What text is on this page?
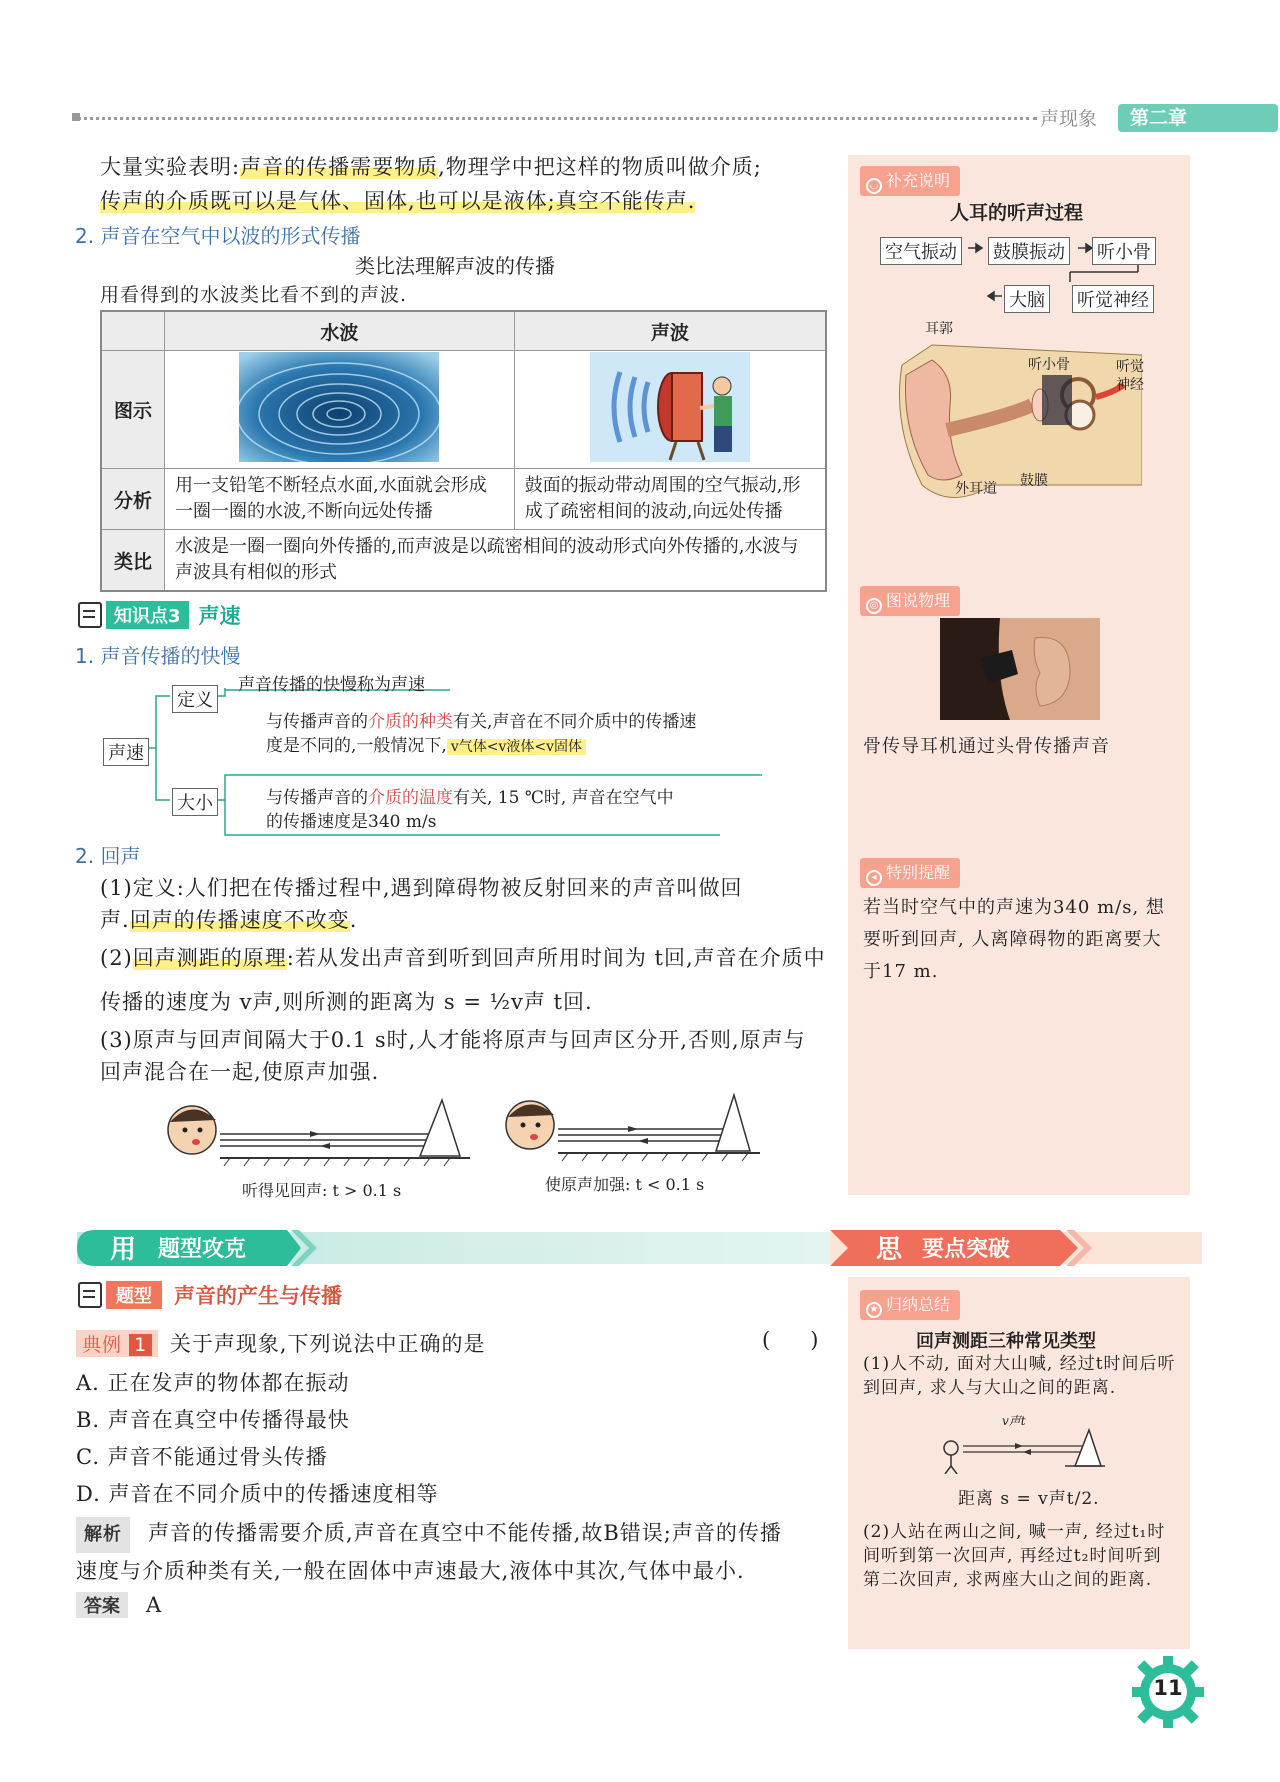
声现象	第二章
大量实验表明:声音的传播需要物质,物理学中把这样的物质叫做介质;
传声的介质既可以是气体、固体,也可以是液体;真空不能传声.
2. 声音在空气中以波的形式传播
类比法理解声波的传播
用看得到的水波类比看不到的声波.
	水波	声波
图示		
分析	用一支铅笔不断轻点水面,水面就会形成一圈一圈的水波,不断向远处传播	鼓面的振动带动周围的空气振动,形成了疏密相间的波动,向远处传播
类比	水波是一圈一圈向外传播的,而声波是以疏密相间的波动形式向外传播的,水波与声波具有相似的形式	
知识点3 声速
1. 声音传播的快慢
声速
定义
大小
声音传播的快慢称为声速
与传播声音的介质的种类有关,声音在不同介质中的传播速
度是不同的,一般情况下, v气体<v液体<v固体
与传播声音的介质的温度有关, 15 ℃时, 声音在空气中
的传播速度是340 m/s
2. 回声
(1)定义:人们把在传播过程中,遇到障碍物被反射回来的声音叫做回
声.回声的传播速度不改变.
(2)回声测距的原理:若从发出声音到听到回声所用时间为 t回,声音在介质中
传播的速度为 v声,则所测的距离为 s = ½v声 t回.
(3)原声与回声间隔大于0.1 s时,人才能将原声与回声区分开,否则,原声与
回声混合在一起,使原声加强.
听得见回声: t > 0.1 s	使原声加强: t < 0.1 s
◡ 补充说明
人耳的听声过程
空气振动 鼓膜振动 听小骨
大脑 听觉神经
耳郭
听小骨	听觉神经
外耳道 鼓膜
◎ 图说物理
骨传导耳机通过头骨传播声音
◂ 特别提醒
若当时空气中的声速为340 m/s, 想要听到回声, 人离障碍物的距离要大于17 m.
用 题型攻克	思 要点突破
题型	声音的产生与传播
典例 1 关于声现象,下列说法中正确的是	(      )
A. 正在发声的物体都在振动
B. 声音在真空中传播得最快
C. 声音不能通过骨头传播
D. 声音在不同介质中的传播速度相等
解析 声音的传播需要介质,声音在真空中不能传播,故B错误;声音的传播
速度与介质种类有关,一般在固体中声速最大,液体中其次,气体中最小.
答案 A
★ 归纳总结
回声测距三种常见类型
(1)人不动, 面对大山喊, 经过t时间后听到回声, 求人与大山之间的距离.
v声t
距离 s = v声t/2.
(2)人站在两山之间, 喊一声, 经过t₁时间听到第一次回声, 再经过t₂时间听到第二次回声, 求两座大山之间的距离.
11
